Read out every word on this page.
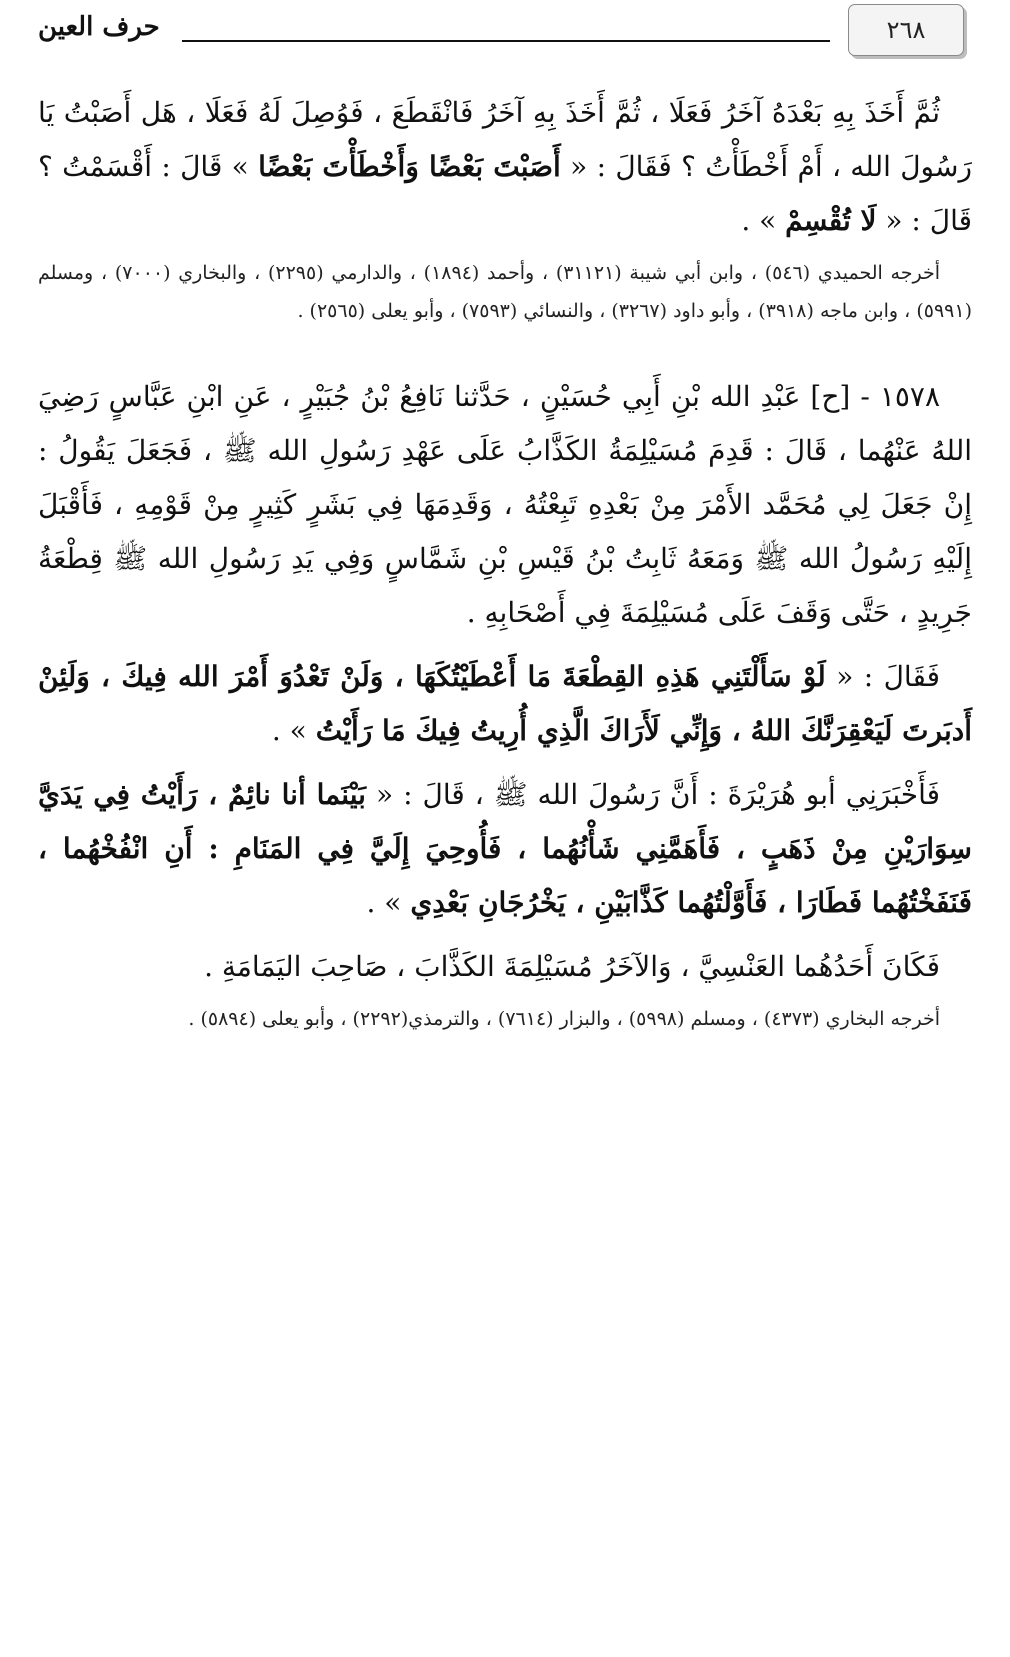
٢٦٨
حرف العين

ثُمَّ أَخَذَ بِهِ بَعْدَهُ آخَرُ فَعَلَا ، ثُمَّ أَخَذَ بِهِ آخَرُ فَانْقَطَعَ ، فَوُصِلَ لَهُ فَعَلَا ، هَل أَصَبْتُ يَا رَسُولَ الله ، أَمْ أَخْطَأْتُ ؟ فَقَالَ : « أَصَبْتَ بَعْضًا وَأَخْطَأْتَ بَعْضًا » قَالَ : أَقْسَمْتُ ؟ قَالَ : « لَا تُقْسِمْ » .

أخرجه الحميدي (٥٤٦) ، وابن أبي شيبة (٣١١٢١) ، وأحمد (١٨٩٤) ، والدارمي (٢٢٩٥) ، والبخاري (٧٠٠٠) ، ومسلم (٥٩٩١) ، وابن ماجه (٣٩١٨) ، وأبو داود (٣٢٦٧) ، والنسائي (٧٥٩٣) ، وأبو يعلى (٢٥٦٥) .

١٥٧٨ - [ح] عَبْدِ الله بْنِ أَبِي حُسَيْنٍ ، حَدَّثنا نَافِعُ بْنُ جُبَيْرٍ ، عَنِ ابْنِ عَبَّاسٍ رَضِيَ اللهُ عَنْهُما ، قَالَ : قَدِمَ مُسَيْلِمَةُ الكَذَّابُ عَلَى عَهْدِ رَسُولِ الله ﷺ ، فَجَعَلَ يَقُولُ : إِنْ جَعَلَ لِي مُحَمَّد الأَمْرَ مِنْ بَعْدِهِ تَبِعْتُهُ ، وَقَدِمَهَا فِي بَشَرٍ كَثِيرٍ مِنْ قَوْمِهِ ، فَأَقْبَلَ إِلَيْهِ رَسُولُ الله ﷺ وَمَعَهُ ثَابِتُ بْنُ قَيْسِ بْنِ شَمَّاسٍ وَفِي يَدِ رَسُولِ الله ﷺ قِطْعَةُ جَرِيدٍ ، حَتَّى وَقَفَ عَلَى مُسَيْلِمَةَ فِي أَصْحَابِهِ .

فَقَالَ : « لَوْ سَأَلْتَنِي هَذِهِ القِطْعَةَ مَا أَعْطَيْتُكَهَا ، وَلَنْ تَعْدُوَ أَمْرَ الله فِيكَ ، وَلَئِنْ أَدبَرتَ لَيَعْقِرَنَّكَ اللهُ ، وَإِنِّي لَأَرَاكَ الَّذِي أُرِيتُ فِيكَ مَا رَأَيْتُ » .

فَأَخْبَرَنِي أبو هُرَيْرَةَ : أَنَّ رَسُولَ الله ﷺ ، قَالَ : « بَيْنَما أنا نائِمٌ ، رَأَيْتُ فِي يَدَيَّ سِوَارَيْنِ مِنْ ذَهَبٍ ، فَأَهَمَّنِي شَأْنُهُما ، فَأُوحِيَ إِلَيَّ فِي المَنَامِ : أَنِ انْفُخْهُما ، فَنَفَخْتُهُما فَطَارَا ، فَأَوَّلْتُهُما كَذَّابَيْنِ ، يَخْرُجَانِ بَعْدِي » .

فَكَانَ أَحَدُهُما العَنْسِيَّ ، وَالآخَرُ مُسَيْلِمَةَ الكَذَّابَ ، صَاحِبَ اليَمَامَةِ .

أخرجه البخاري (٤٣٧٣) ، ومسلم (٥٩٩٨) ، والبزار (٧٦١٤) ، والترمذي(٢٢٩٢) ، وأبو يعلى (٥٨٩٤) .
